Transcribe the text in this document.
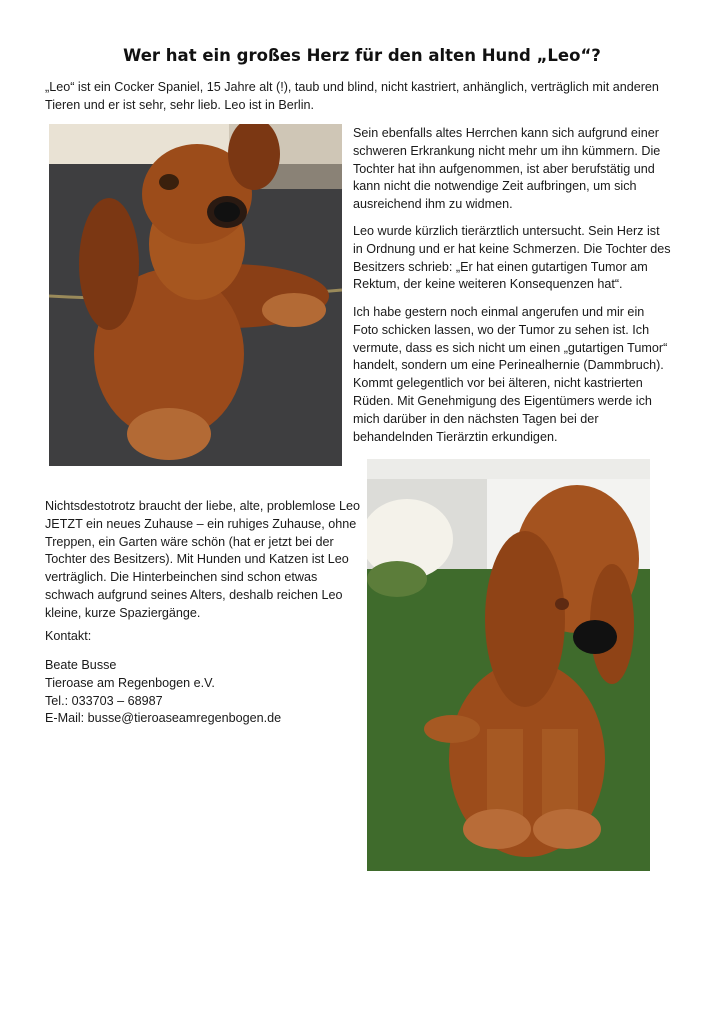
Wer hat ein großes Herz für den alten Hund „Leo“?

„Leo“ ist ein Cocker Spaniel, 15 Jahre alt (!), taub und blind, nicht kastriert, anhänglich, verträglich mit anderen Tieren und er ist sehr, sehr lieb. Leo ist in Berlin.

Sein ebenfalls altes Herrchen kann sich aufgrund einer schweren Erkrankung nicht mehr um ihn kümmern. Die Tochter hat ihn aufgenommen, ist aber berufstätig und kann nicht die notwendige Zeit aufbringen, um sich ausreichend ihm zu widmen.

Leo wurde kürzlich tierärztlich untersucht. Sein Herz ist in Ordnung und er hat keine Schmerzen. Die Tochter des Besitzers schrieb: „Er hat einen gutartigen Tumor am Rektum, der keine weiteren Konsequenzen hat“.

Ich habe gestern noch einmal angerufen und mir ein Foto schicken lassen, wo der Tumor zu sehen ist. Ich vermute, dass es sich nicht um einen „gutartigen Tumor“ handelt, sondern um eine Perinealhernie (Dammbruch). Kommt gelegentlich vor bei älteren, nicht kastrierten Rüden. Mit Genehmigung des Eigentümers werde ich mich darüber in den nächsten Tagen bei der behandelnden Tierärztin erkundigen.

Nichtsdestotrotz braucht der liebe, alte, problemlose Leo JETZT ein neues Zuhause – ein ruhiges Zuhause, ohne Treppen, ein Garten wäre schön (hat er jetzt bei der Tochter des Besitzers). Mit Hunden und Katzen ist Leo verträglich. Die Hinterbeinchen sind schon etwas schwach aufgrund seines Alters, deshalb reichen Leo kleine, kurze Spaziergänge.

Kontakt:

Beate Busse
Tieroase am Regenbogen e.V.
Tel.: 033703 – 68987
E-Mail: busse@tieroaseamregenbogen.de
